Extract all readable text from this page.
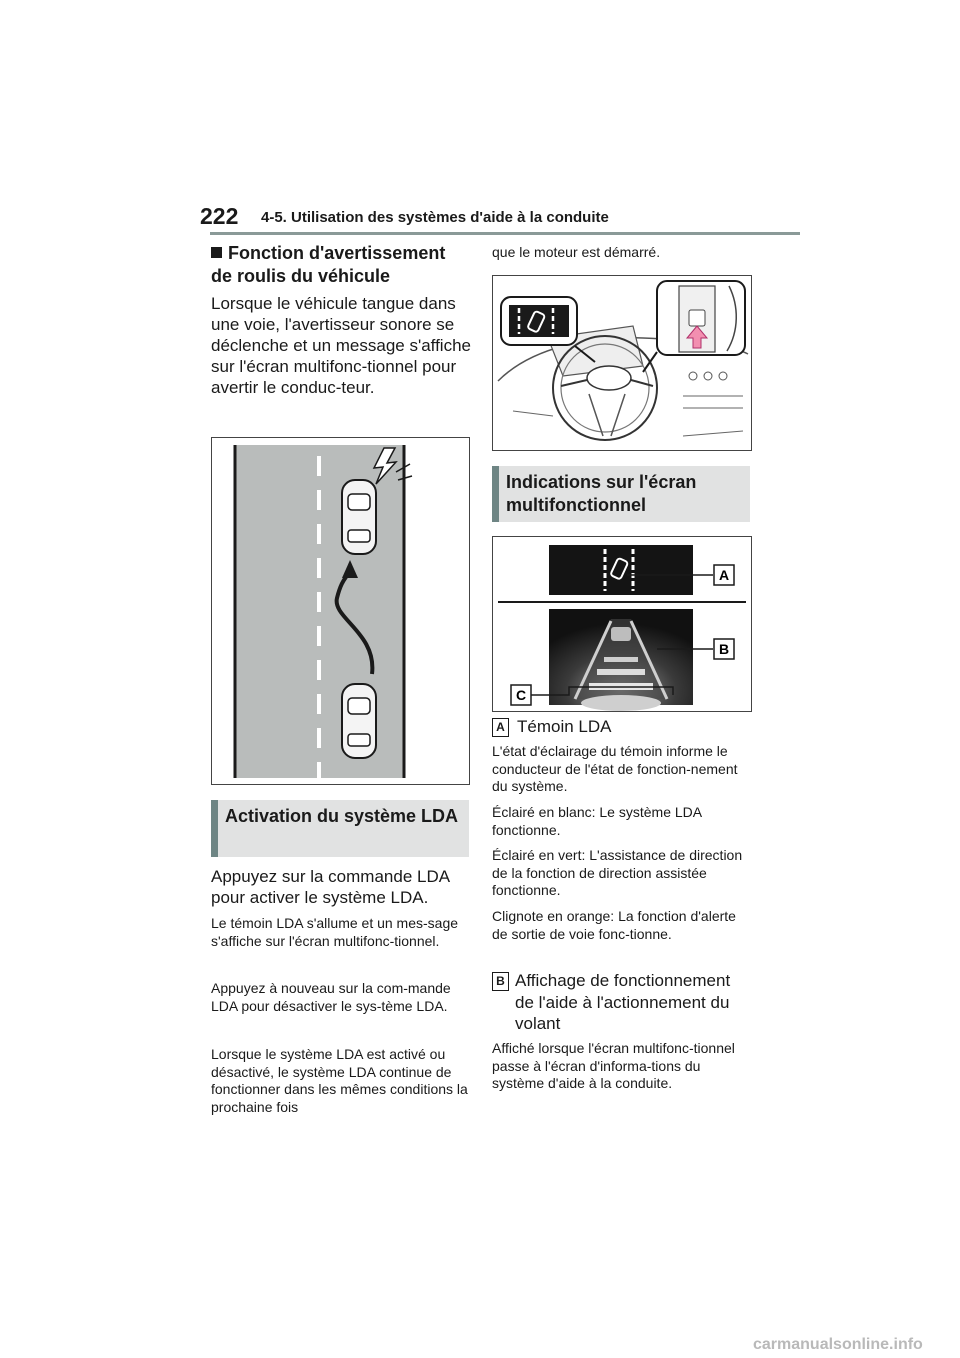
222 4-5. Utilisation des systèmes d'aide à la conduite
Fonction d'avertissement
de roulis du véhicule
Lorsque le véhicule tangue dans une voie, l'avertisseur sonore se déclenche et un message s'affiche sur l'écran multifonc-tionnel pour avertir le conduc-teur.
Activation du système LDA
Appuyez sur la commande LDA pour activer le système LDA.
Le témoin LDA s'allume et un mes-sage s'affiche sur l'écran multifonc-tionnel.
Appuyez à nouveau sur la com-mande LDA pour désactiver le sys-tème LDA.
Lorsque le système LDA est activé ou désactivé, le système LDA continue de fonctionner dans les mêmes conditions la prochaine fois
que le moteur est démarré.
Indications sur l'écran multifonctionnel
A
B
C
A Témoin LDA
L'état d'éclairage du témoin informe le conducteur de l'état de fonction-nement du système.
Éclairé en blanc: Le système LDA fonctionne.
Éclairé en vert: L'assistance de direction de la fonction de direction assistée fonctionne.
Clignote en orange: La fonction d'alerte de sortie de voie fonc-tionne.
B Affichage de fonctionnement de l'aide à l'actionnement du volant
Affiché lorsque l'écran multifonc-tionnel passe à l'écran d'informa-tions du système d'aide à la conduite.
carmanualsonline.info
